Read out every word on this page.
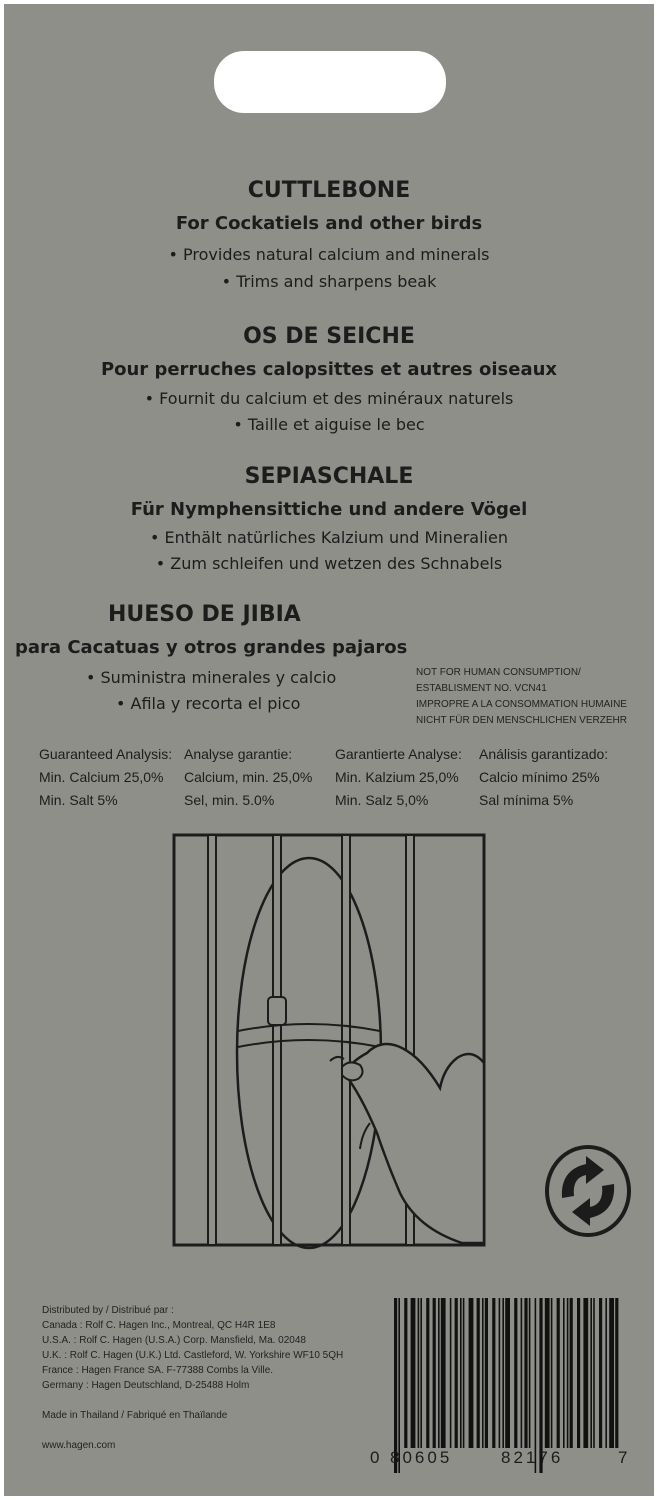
CUTTLEBONE
For Cockatiels and other birds
• Provides natural calcium and minerals
• Trims and sharpens beak
OS DE SEICHE
Pour perruches calopsittes et autres oiseaux
• Fournit du calcium et des minéraux naturels
• Taille et aiguise le bec
SEPIASCHALE
Für Nymphensittiche und andere Vögel
• Enthält natürliches Kalzium und Mineralien
• Zum schleifen und wetzen des Schnabels
HUESO DE JIBIA
para Cacatuas y otros grandes pajaros
• Suministra minerales y calcio
• Afila y recorta el pico
NOT FOR HUMAN CONSUMPTION/
ESTABLISMENT NO. VCN41
IMPROPRE A LA CONSOMMATION HUMAINE
NICHT FÜR DEN MENSCHLICHEN VERZEHR
Guaranteed Analysis:
Min. Calcium 25,0%
Min. Salt 5%
Analyse garantie:
Calcium, min. 25,0%
Sel, min. 5.0%
Garantierte Analyse:
Min. Kalzium 25,0%
Min. Salz 5,0%
Análisis garantizado:
Calcio mínimo 25%
Sal mínima 5%
Distributed by / Distribué par :
Canada : Rolf C. Hagen Inc., Montreal, QC H4R 1E8
U.S.A. : Rolf C. Hagen (U.S.A.) Corp. Mansfield, Ma. 02048
U.K. : Rolf C. Hagen (U.K.) Ltd. Castleford, W. Yorkshire WF10 5QH
France : Hagen France SA. F-77388 Combs la Ville.
Germany : Hagen Deutschland, D-25488 Holm
Made in Thailand / Fabriqué en Thaïlande
www.hagen.com
0 80605	82176	7
